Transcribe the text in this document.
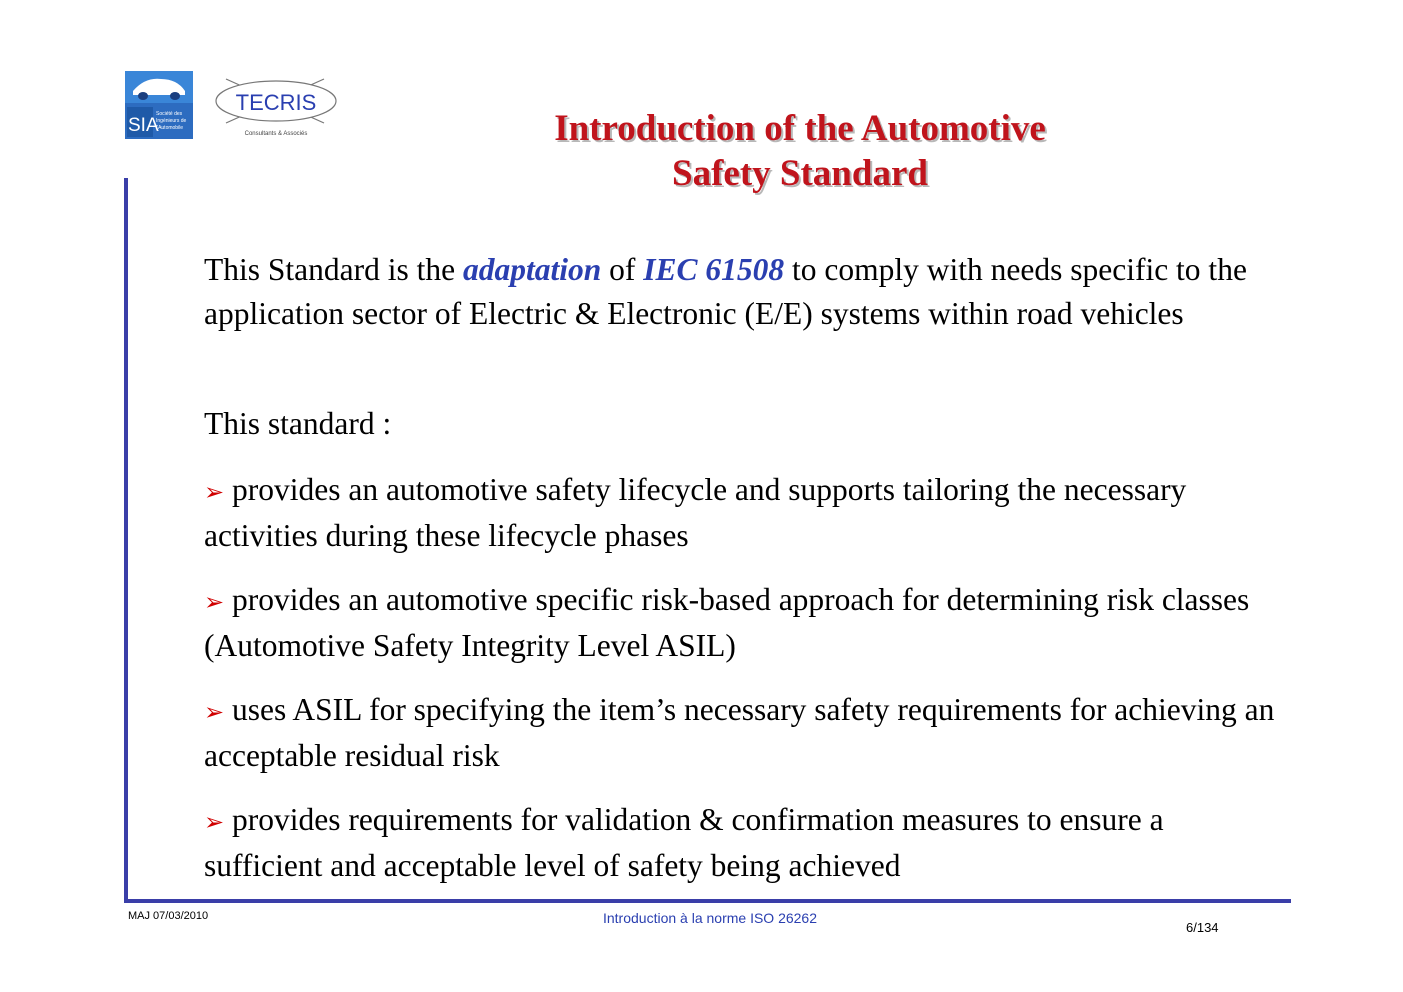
SIA
Société des
Ingénieurs de
l'Automobile
TECRIS
Consultants & Associés	Introduction of the Automotive
Safety Standard
This Standard is the adaptation of IEC 61508 to comply with needs specific to the application sector of Electric & Electronic (E/E) systems within road vehicles
This standard :
➢ provides an automotive safety lifecycle and supports tailoring the necessary activities during these lifecycle phases
➢ provides an automotive specific risk-based approach for determining risk classes (Automotive Safety Integrity Level ASIL)
➢ uses ASIL for specifying the item’s necessary safety requirements for achieving an acceptable residual risk
➢ provides requirements for validation & confirmation measures to ensure a sufficient and acceptable level of safety being achieved
MAJ 07/03/2010	Introduction à la norme ISO 26262
6/134
